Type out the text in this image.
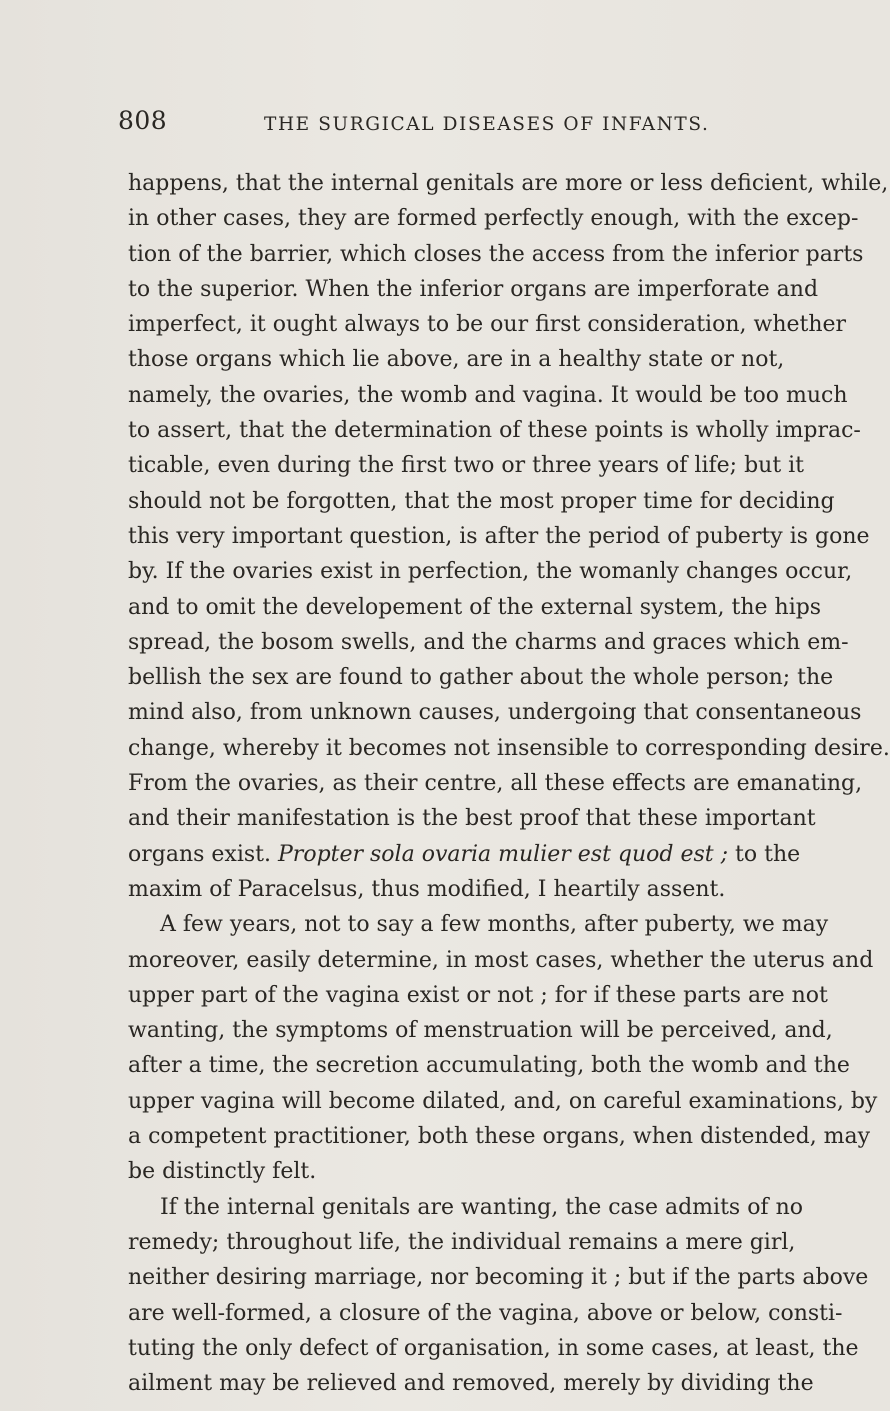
808	THE SURGICAL DISEASES OF INFANTS.
happens, that the internal genitals are more or less deficient, while,
in other cases, they are formed perfectly enough, with the excep-
tion of the barrier, which closes the access from the inferior parts
to the superior. When the inferior organs are imperforate and
imperfect, it ought always to be our first consideration, whether
those organs which lie above, are in a healthy state or not,
namely, the ovaries, the womb and vagina. It would be too much
to assert, that the determination of these points is wholly imprac-
ticable, even during the first two or three years of life; but it
should not be forgotten, that the most proper time for deciding
this very important question, is after the period of puberty is gone
by. If the ovaries exist in perfection, the womanly changes occur,
and to omit the developement of the external system, the hips
spread, the bosom swells, and the charms and graces which em-
bellish the sex are found to gather about the whole person; the
mind also, from unknown causes, undergoing that consentaneous
change, whereby it becomes not insensible to corresponding desire.
From the ovaries, as their centre, all these effects are emanating,
and their manifestation is the best proof that these important
organs exist. Propter sola ovaria mulier est quod est ; to the
maxim of Paracelsus, thus modified, I heartily assent.
A few years, not to say a few months, after puberty, we may
moreover, easily determine, in most cases, whether the uterus and
upper part of the vagina exist or not ; for if these parts are not
wanting, the symptoms of menstruation will be perceived, and,
after a time, the secretion accumulating, both the womb and the
upper vagina will become dilated, and, on careful examinations, by
a competent practitioner, both these organs, when distended, may
be distinctly felt.
If the internal genitals are wanting, the case admits of no
remedy; throughout life, the individual remains a mere girl,
neither desiring marriage, nor becoming it ; but if the parts above
are well-formed, a closure of the vagina, above or below, consti-
tuting the only defect of organisation, in some cases, at least, the
ailment may be relieved and removed, merely by dividing the
